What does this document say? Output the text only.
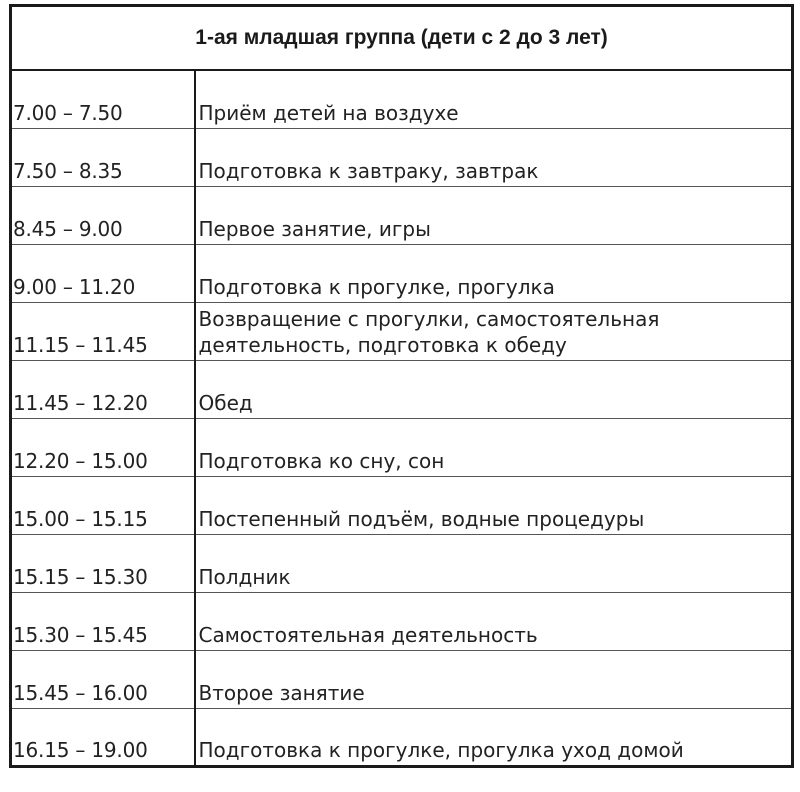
1-ая младшая группа (дети с 2 до 3 лет)	

7.00 – 7.50	Приём детей на воздухе

7.50 – 8.35	Подготовка к завтраку, завтрак

8.45 – 9.00	Первое занятие, игры

9.00 – 11.20	Подготовка к прогулке, прогулка

11.15 – 11.45	Возвращение с прогулки, самостоятельная деятельность, подготовка к обеду

11.45 – 12.20	Обед

12.20 – 15.00	Подготовка ко сну, сон

15.00 – 15.15	Постепенный подъём, водные процедуры

15.15 – 15.30	Полдник

15.30 – 15.45	Самостоятельная деятельность

15.45 – 16.00	Второе занятие

16.15 – 19.00	Подготовка к прогулке, прогулка уход домой
